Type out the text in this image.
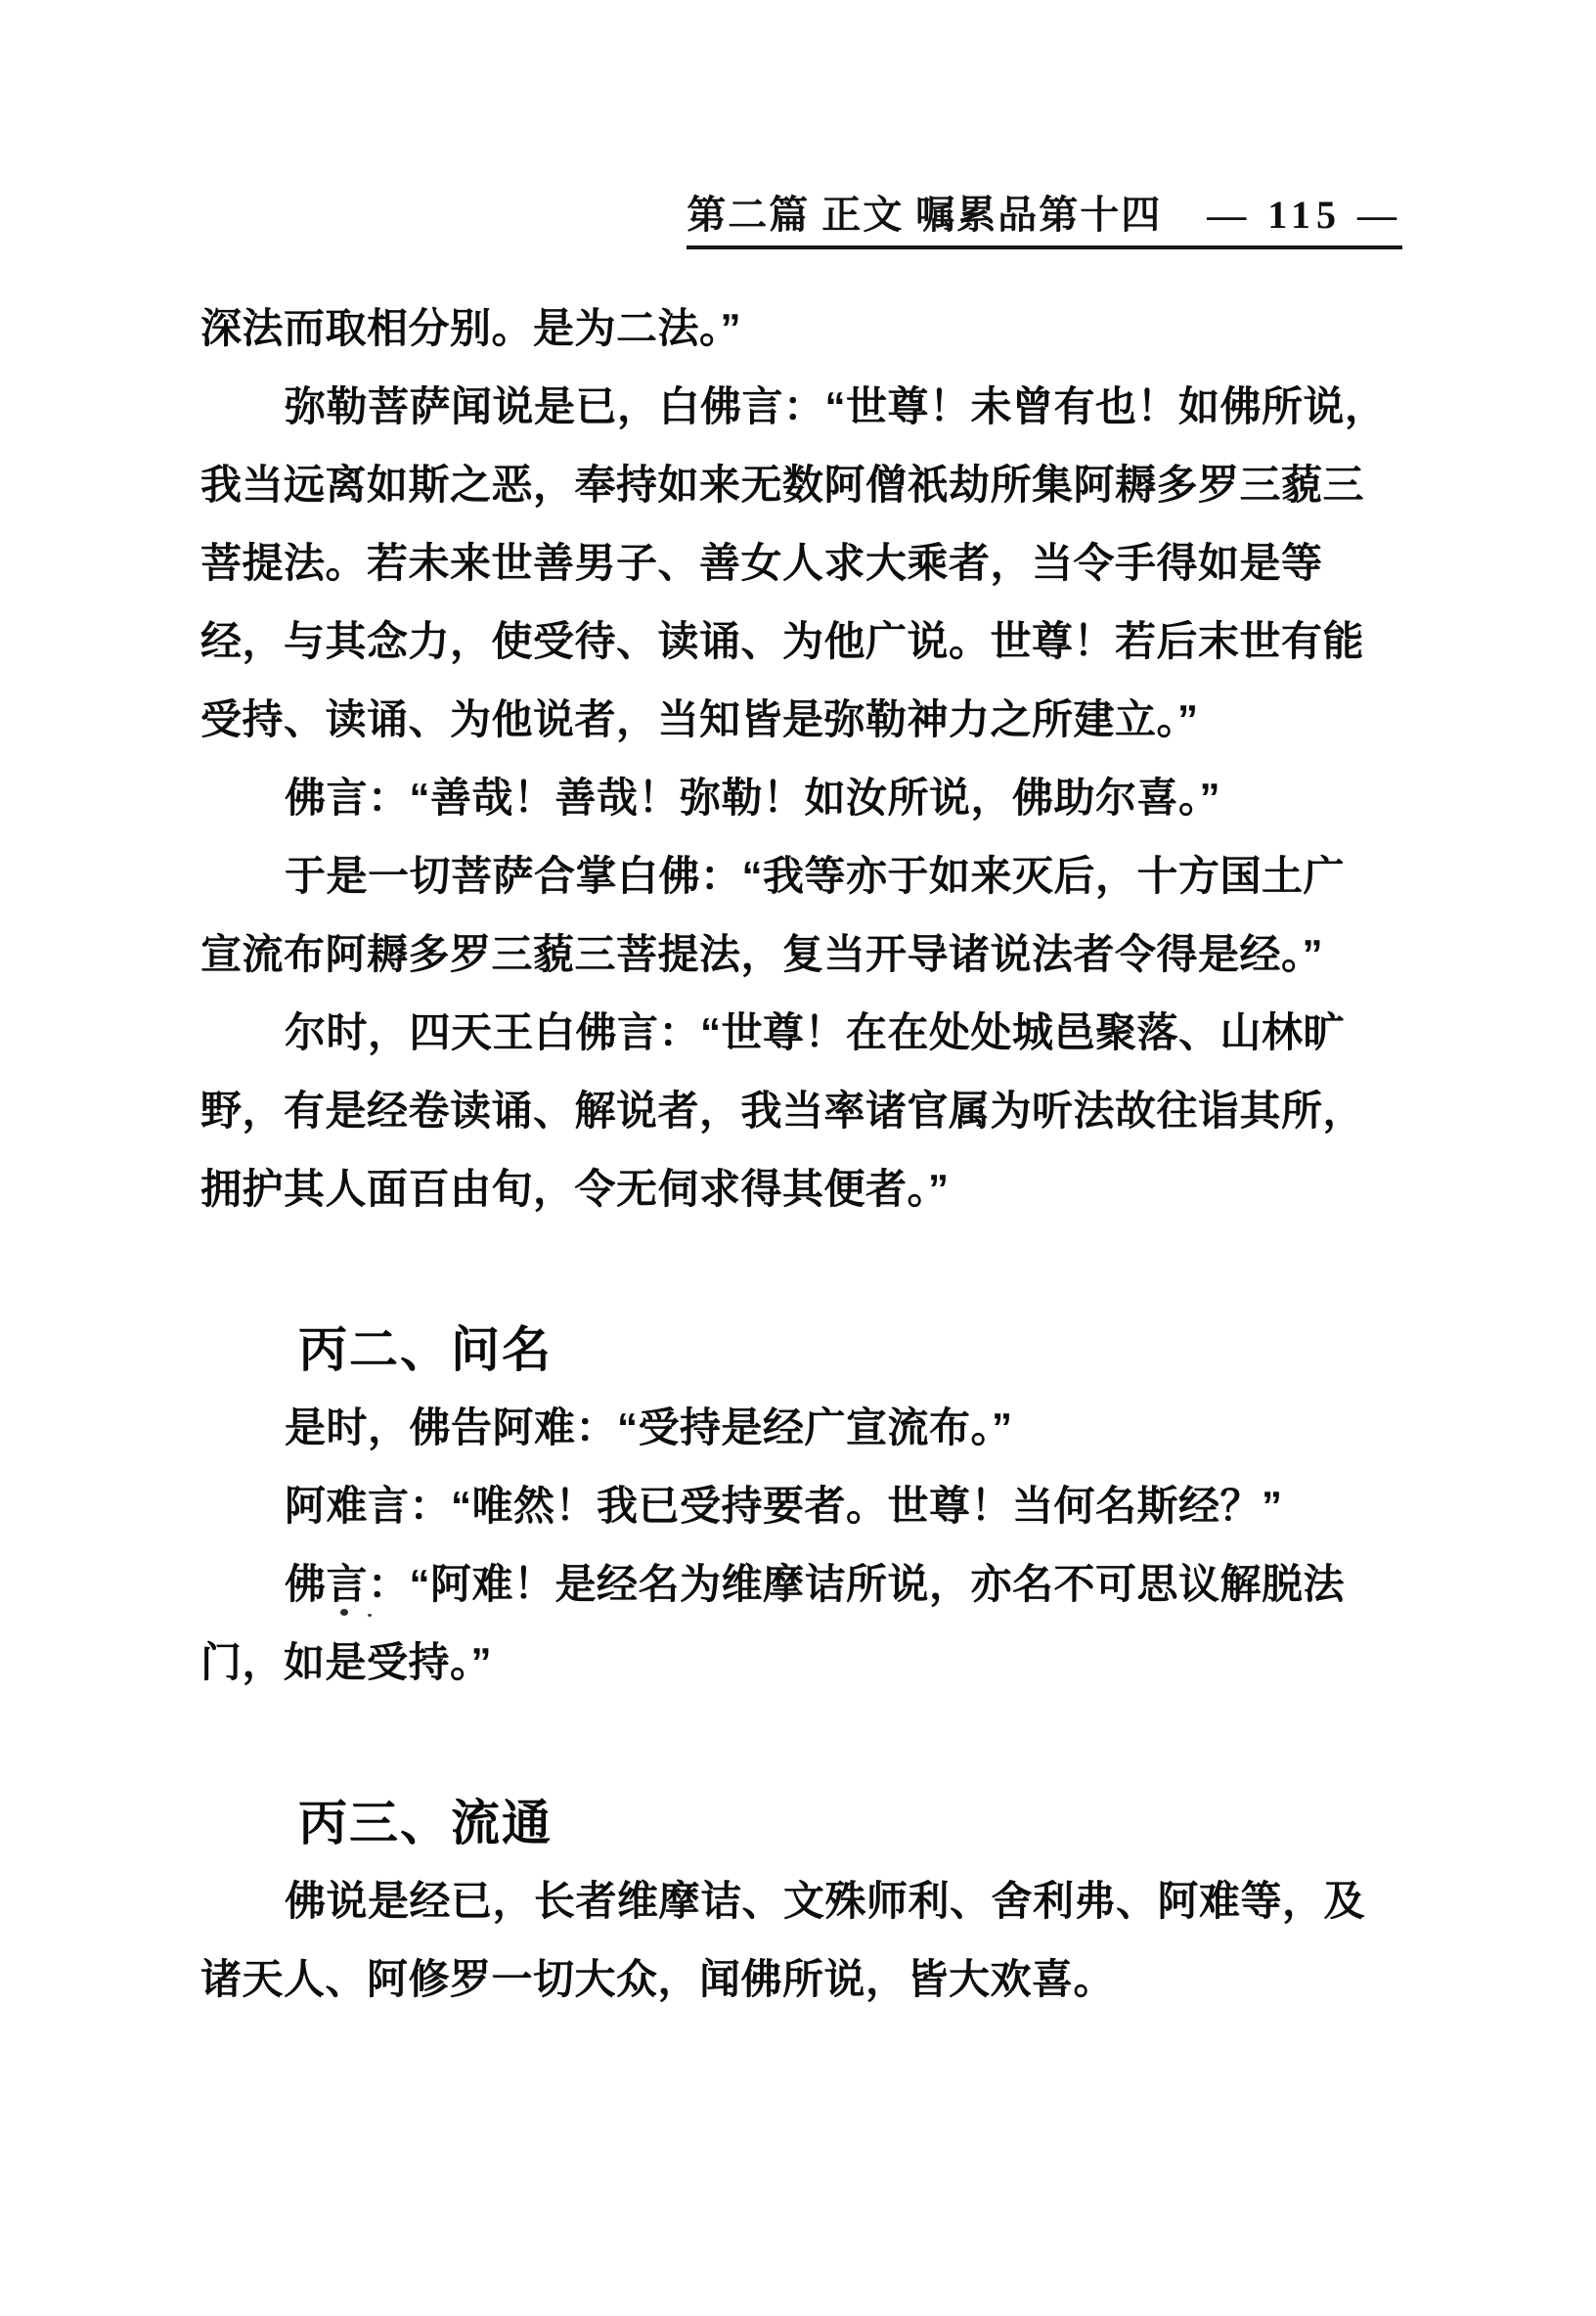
第二篇 正文 嘱累品第十四 — 115 —
深法而取相分别。是为二法。”
弥勒菩萨闻说是已，白佛言：“世尊！未曾有也！如佛所说，
我当远离如斯之恶，奉持如来无数阿僧祇劫所集阿耨多罗三藐三
菩提法。若未来世善男子、善女人求大乘者，当令手得如是等
经，与其念力，使受待、读诵、为他广说。世尊！若后末世有能
受持、读诵、为他说者，当知皆是弥勒神力之所建立。”
佛言：“善哉！善哉！弥勒！如汝所说，佛助尔喜。”
于是一切菩萨合掌白佛：“我等亦于如来灭后，十方国土广
宣流布阿耨多罗三藐三菩提法，复当开导诸说法者令得是经。”
尔时，四天王白佛言：“世尊！在在处处城邑聚落、山林旷
野，有是经卷读诵、解说者，我当率诸官属为听法故往诣其所，
拥护其人面百由旬，令无伺求得其便者。”
丙二、问名
是时，佛告阿难：“受持是经广宣流布。”
阿难言：“唯然！我已受持要者。世尊！当何名斯经？”
佛言：“阿难！是经名为维摩诘所说，亦名不可思议解脱法
门，如是受持。”
丙三、流通
佛说是经已，长者维摩诘、文殊师利、舍利弗、阿难等，及
诸天人、阿修罗一切大众，闻佛所说，皆大欢喜。
